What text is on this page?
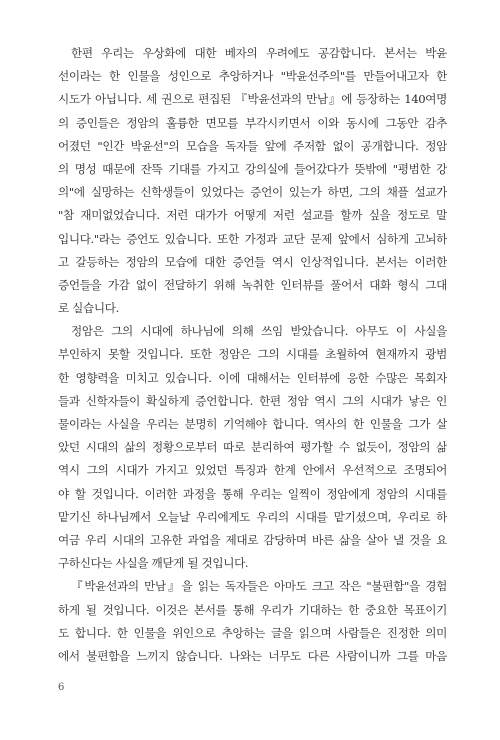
한편 우리는 우상화에 대한 베자의 우려에도 공감합니다. 본서는 박윤
선이라는 한 인물을 성인으로 추앙하거나 "박윤선주의"를 만들어내고자 한
시도가 아닙니다. 세 권으로 편집된 『박윤선과의 만남』에 등장하는 140여명
의 증인들은 정암의 훌륭한 면모를 부각시키면서 이와 동시에 그동안 감추
어졌던 "인간 박윤선"의 모습을 독자들 앞에 주저함 없이 공개합니다. 정암
의 명성 때문에 잔뜩 기대를 가지고 강의실에 들어갔다가 뜻밖에 "평범한 강
의"에 실망하는 신학생들이 있었다는 증언이 있는가 하면, 그의 채플 설교가
"참 재미없었습니다. 저런 대가가 어떻게 저런 설교를 할까 싶을 정도로 말
입니다."라는 증언도 있습니다. 또한 가정과 교단 문제 앞에서 심하게 고뇌하
고 갈등하는 정암의 모습에 대한 증언들 역시 인상적입니다. 본서는 이러한
증언들을 가감 없이 전달하기 위해 녹취한 인터뷰를 풀어서 대화 형식 그대
로 실습니다.
정암은 그의 시대에 하나님에 의해 쓰임 받았습니다. 아무도 이 사실을
부인하지 못할 것입니다. 또한 정암은 그의 시대를 초월하여 현재까지 광범
한 영향력을 미치고 있습니다. 이에 대해서는 인터뷰에 응한 수많은 목회자
들과 신학자들이 확실하게 증언합니다. 한편 정암 역시 그의 시대가 낳은 인
물이라는 사실을 우리는 분명히 기억해야 합니다. 역사의 한 인물을 그가 살
았던 시대의 삶의 정황으로부터 따로 분리하여 평가할 수 없듯이, 정암의 삶
역시 그의 시대가 가지고 있었던 특징과 한계 안에서 우선적으로 조명되어
야 할 것입니다. 이러한 과정을 통해 우리는 일찍이 정암에게 정암의 시대를
맡기신 하나님께서 오늘날 우리에게도 우리의 시대를 맡기셨으며, 우리로 하
여금 우리 시대의 고유한 과업을 제대로 감당하며 바른 삶을 살아 낼 것을 요
구하신다는 사실을 깨닫게 될 것입니다.
『박윤선과의 만남』을 읽는 독자들은 아마도 크고 작은 "불편함"을 경험
하게 될 것입니다. 이것은 본서를 통해 우리가 기대하는 한 중요한 목표이기
도 합니다. 한 인물을 위인으로 추앙하는 글을 읽으며 사람들은 진정한 의미
에서 불편함을 느끼지 않습니다. 나와는 너무도 다른 사람이니까 그를 마음
6
